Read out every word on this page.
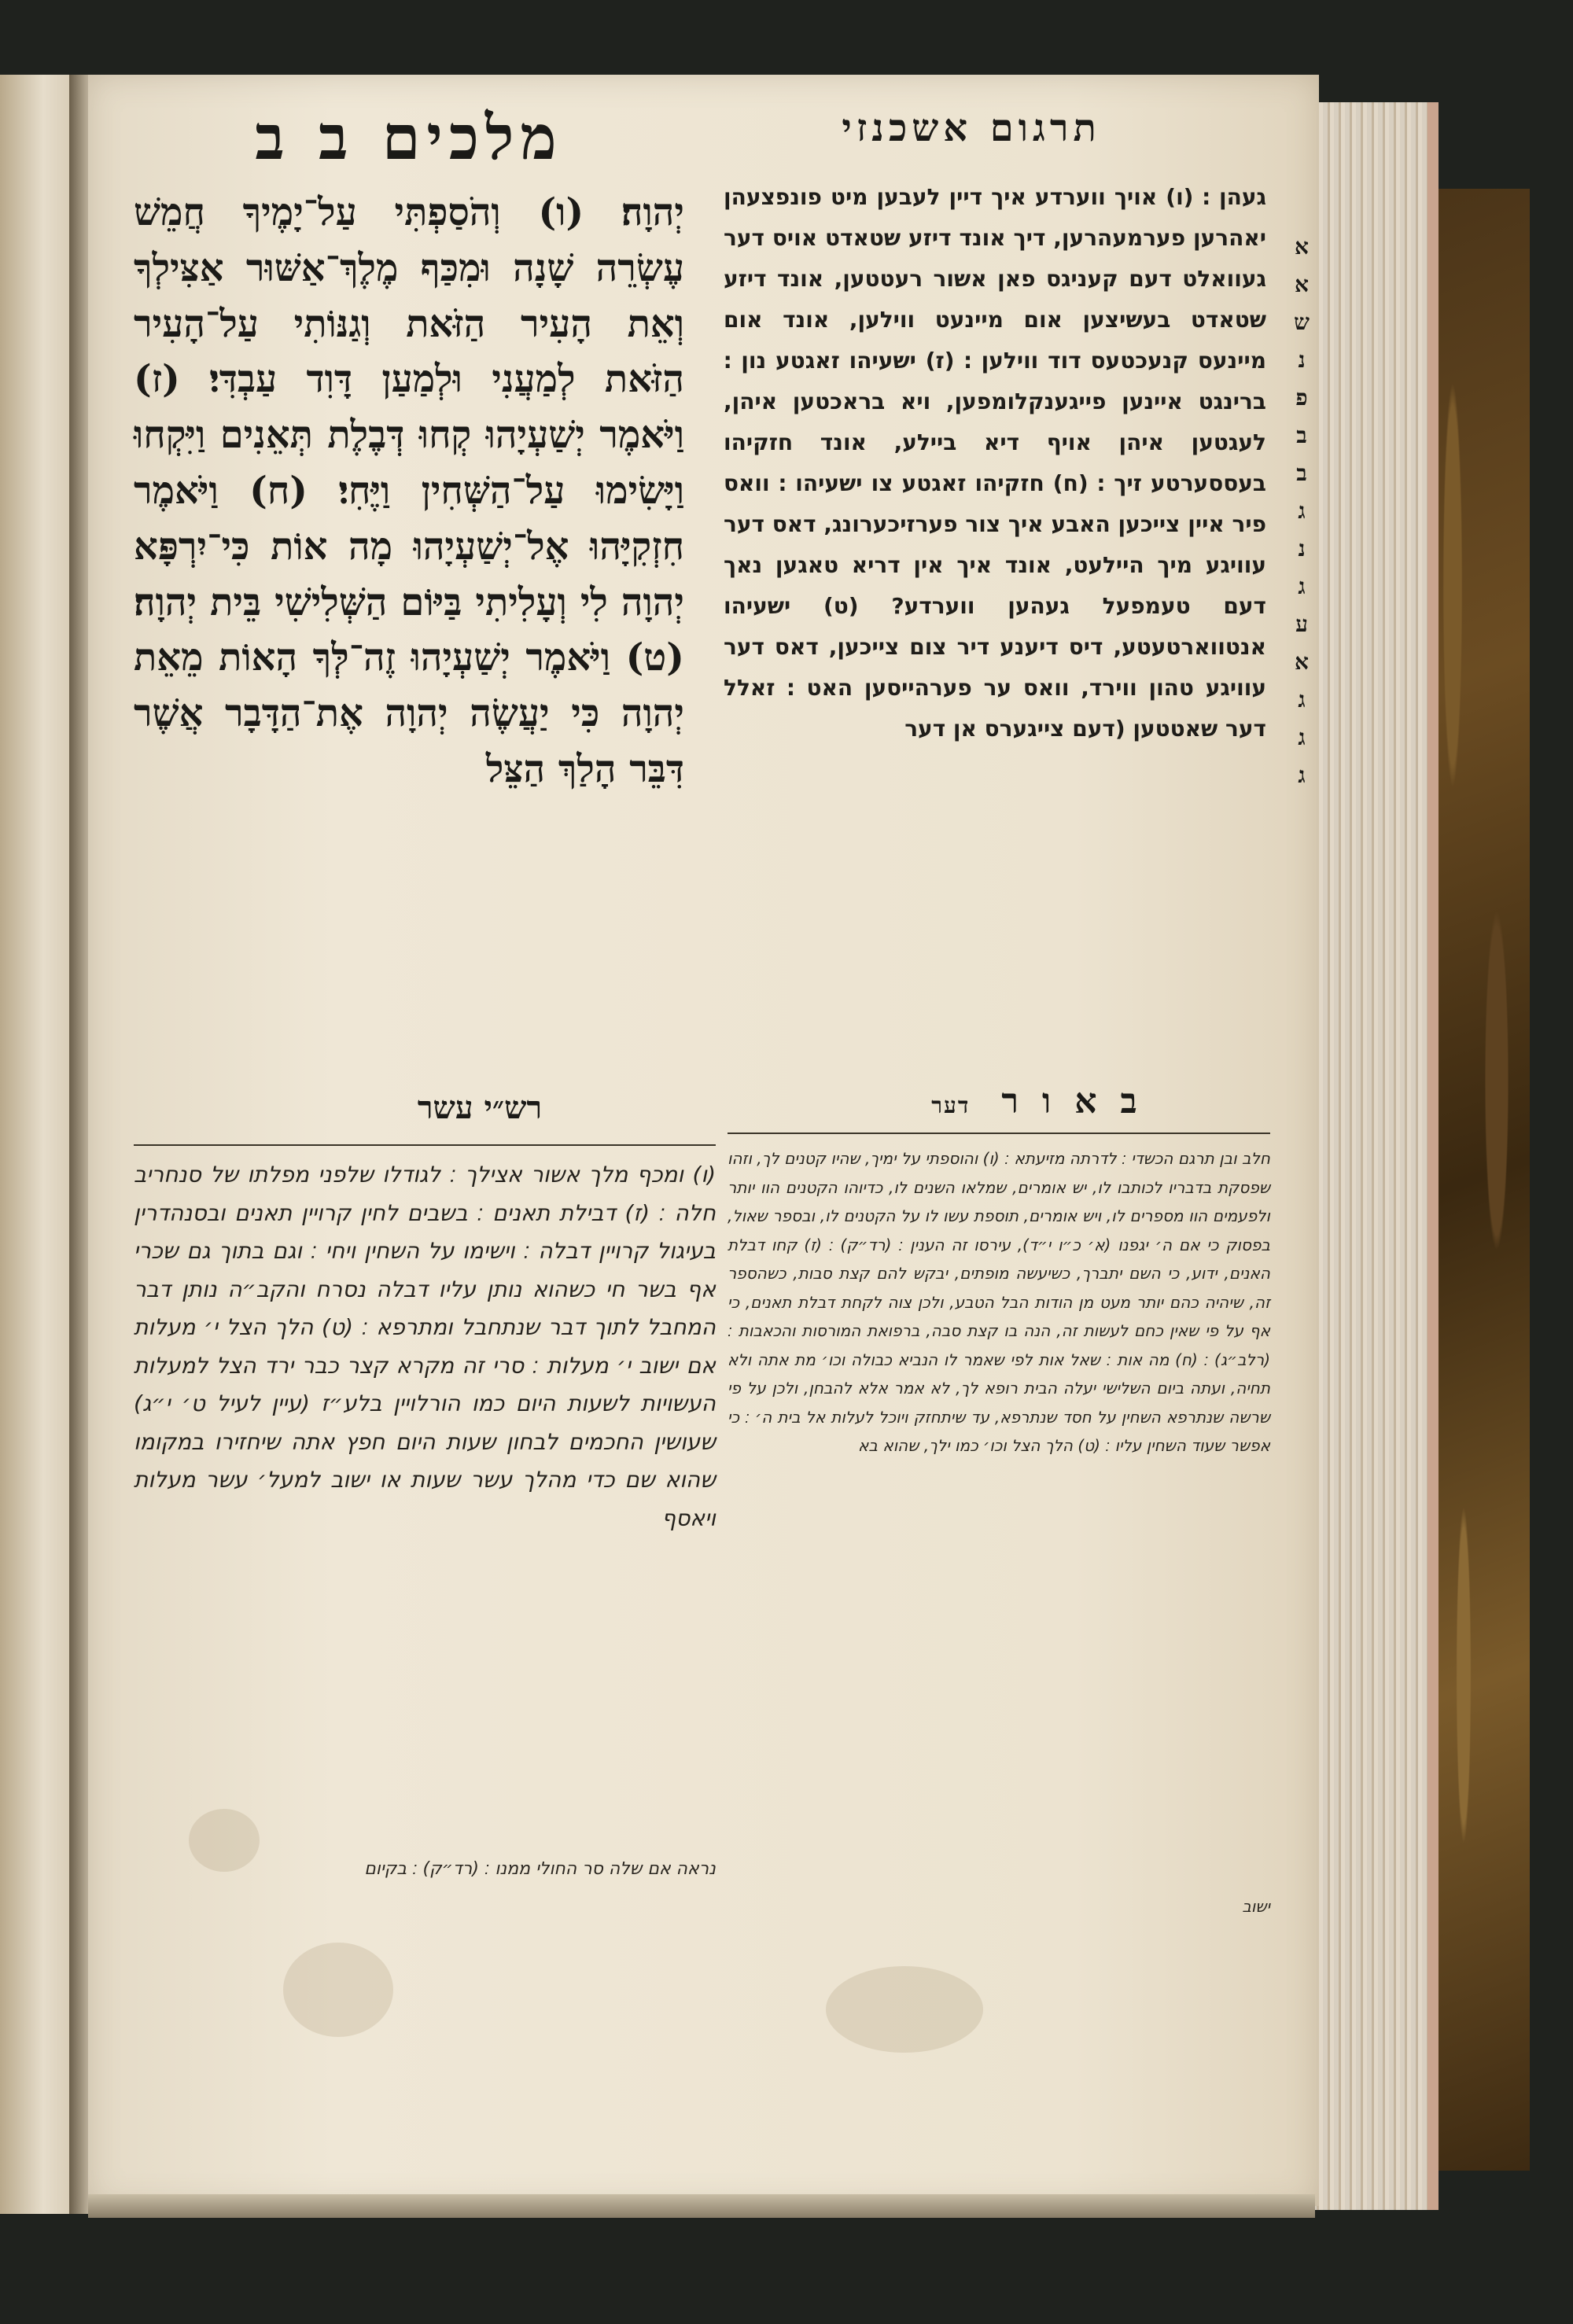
מלכים ב ב	תרגום אשכנזי
יְהוָה׃ (ו) וְהֹסַפְתִּי עַל־יָמֶיךָ חֲמֵשׁ עֶשְׂרֵה שָׁנָה וּמִכַּף מֶלֶךְ־אַשּׁוּר אַצִּילְךָ וְאֵת הָעִיר הַזֹּאת וְגַנּוֹתִי עַל־הָעִיר הַזֹּאת לְמַעֲנִי וּלְמַעַן דָּוִד עַבְדִּי׃ (ז) וַיֹּאמֶר יְשַׁעְיָהוּ קְחוּ דְּבֶלֶת תְּאֵנִים וַיִּקְחוּ וַיָּשִׂימוּ עַל־הַשְּׁחִין וַיֶּחִי׃ (ח) וַיֹּאמֶר חִזְקִיָּהוּ אֶל־יְשַׁעְיָהוּ מָה אוֹת כִּי־יִרְפָּא יְהוָה לִי וְעָלִיתִי בַּיּוֹם הַשְּׁלִישִׁי בֵּית יְהוָה׃ (ט) וַיֹּאמֶר יְשַׁעְיָהוּ זֶה־לְּךָ הָאוֹת מֵאֵת יְהוָה כִּי יַעֲשֶׂה יְהוָה אֶת־הַדָּבָר אֲשֶׁר דִּבֵּר הָלַךְ הַצֵּל
געהן ׃ (ו) אויך ווערדע איך דיין לעבען מיט פונפצעהן יאהרען פערמעהרען, דיך אונד דיזע שטאדט אויס דער געוואלט דעם קעניגס פאן אשור רעטטען, אונד דיזע שטאדט בעשיצען אום מיינעט ווילען, אונד אום מיינעס קנעכטעס דוד ווילען ׃ (ז) ישעיהו זאגטע נון ׃ ברינגט איינען פייגענקלומפען, ויא בראכטען איהן, לעגטען איהן אויף דיא ביילע, אונד חזקיהו בעססערטע זיך ׃ (ח) חזקיהו זאגטע צו ישעיהו ׃ וואס פיר איין צייכען האבע איך צור פערזיכערונג, דאס דער עוויגע מיך היילעט, אונד איך אין דריא טאגען נאך דעם טעמפעל געהען ווערדע? (ט) ישעיהו אנטווארטעטע, דיס דיענע דיר צום צייכען, דאס דער עוויגע טהון ווירד, וואס ער פערהייסען האט ׃ זאלל דער שאטטען (דעם צייגערס אן דער
רש״י עשר	באורדער
(ו) ומכף מלך אשור אצילך ׃ לגודלו שלפני מפלתו של סנחריב חלה ׃ (ז) דבילת תאנים ׃ בשבים לחין קרויין תאנים ובסנהדרין בעיגול קרויין דבלה ׃ וישימו על השחין ויחי ׃ וגם בתוך גם שכרי אף בשר חי כשהוא נותן עליו דבלה נסרח והקב״ה נותן דבר המחבל לתוך דבר שנתחבל ומתרפא ׃ (ט) הלך הצל י׳ מעלות אם ישוב י׳ מעלות ׃ סרי זה מקרא קצר כבר ירד הצל למעלות העשויות לשעות היום כמו הורלויין בלע״ז (עיין לעיל ט׳ י״ג) שעושין החכמים לבחון שעות היום חפץ אתה שיחזירו במקומו שהוא שם כדי מהלך עשר שעות או ישוב למעל׳ עשר מעלות ויאסף
נראה אם שלה סר החולי ממנו ׃ (רד״ק) ׃ בקיום
חלב ובן תרגם הכשדי ׃ לדרתה מזיעתא ׃ (ו) והוספתי על ימיך, שהיו קטנים לך, וזהו שפסקת בדבריו לכותבו לו, יש אומרים, שמלאו השנים לו, כדיוהו הקטנים הוו יותר ולפעמים הוו מספרים לו, ויש אומרים, תוספת עשו לו על הקטנים לו, ובספר שאול, בפסוק כי אם ה׳ יגפנו (א׳ כ״ו י״ד), עירסו זה הענין ׃ (רד״ק) ׃ (ז) קחו דבלת האנים, ידוע, כי השם יתברך, כשיעשה מופתים, יבקש להם קצת סבות, כשהספר זה, שיהיה כהם יותר מעט מן הודות הבל הטבע, ולכן צוה לקחת דבלת תאנים, כי אף על פי שאין כחם לעשות זה, הנה בו קצת סבה, ברפואת המורסות והכאבות ׃ (רלב״ג) ׃ (ח) מה אות ׃ שאל אות לפי שאמר לו הנביא כבולה וכו׳ מת אתה ולא תחיה, ועתה ביום השלישי יעלה הבית רופא לך, לא אמר אלא להבחן, ולכן על פי שרשה שנתרפא השחין על חסד שנתרפא, עד שיתחזק ויוכל לעלות אל בית ה׳ ׃ כי אפשר שעוד השחין עליו ׃ (ט) הלך הצל וכו׳ כמו ילך, שהוא בא
ישוב
א
א
ש
נ
פ
ב
ב
ג
נ
ג
ע
א
ג
ג
ג
